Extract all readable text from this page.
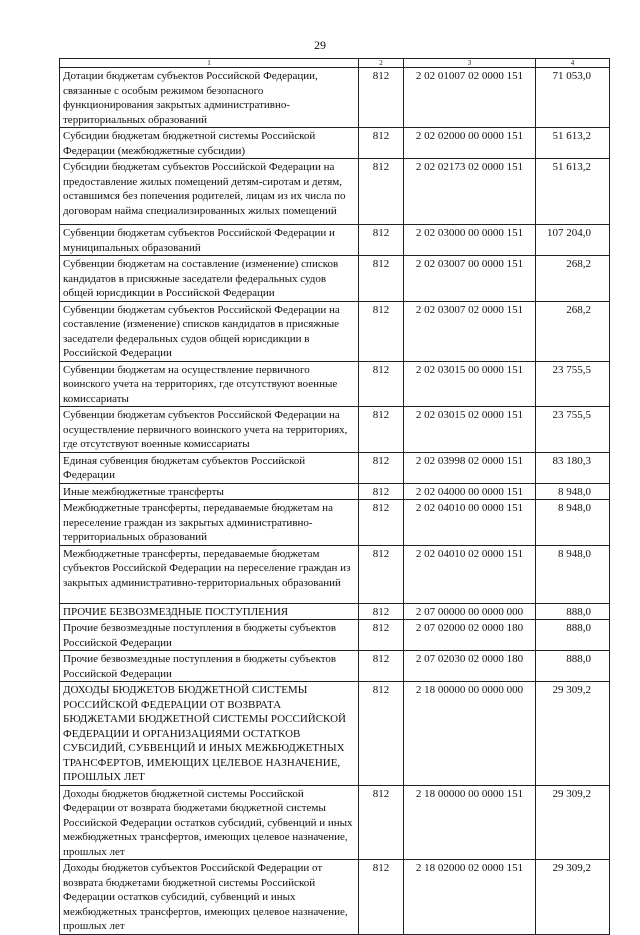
29
1	2	3	4
Дотации бюджетам субъектов Российской Федерации, связанные с особым режимом безопасного функционирования закрытых административно-территориальных образований	812	2 02 01007 02 0000 151	71 053,0
Субсидии бюджетам бюджетной системы Российской Федерации (межбюджетные субсидии)	812	2 02 02000 00 0000 151	51 613,2
Субсидии бюджетам субъектов Российской Федерации на предоставление жилых помещений детям-сиротам и детям, оставшимся без попечения родителей, лицам из их числа по договорам найма специализированных жилых помещений	812	2 02 02173 02 0000 151	51 613,2
Субвенции бюджетам субъектов Российской Федерации и муниципальных образований	812	2 02 03000 00 0000 151	107 204,0
Субвенции бюджетам на составление (изменение) списков кандидатов в присяжные заседатели федеральных судов общей юрисдикции в Российской Федерации	812	2 02 03007 00 0000 151	268,2
Субвенции бюджетам субъектов Российской Федерации на составление (изменение) списков кандидатов в присяжные заседатели федеральных судов общей юрисдикции в Российской Федерации	812	2 02 03007 02 0000 151	268,2
Субвенции бюджетам на осуществление первичного воинского учета на территориях, где отсутствуют военные комиссариаты	812	2 02 03015 00 0000 151	23 755,5
Субвенции бюджетам субъектов Российской Федерации на осуществление первичного воинского учета на территориях, где отсутствуют военные комиссариаты	812	2 02 03015 02 0000 151	23 755,5
Единая субвенция бюджетам субъектов Российской Федерации	812	2 02 03998 02 0000 151	83 180,3
Иные межбюджетные трансферты	812	2 02 04000 00 0000 151	8 948,0
Межбюджетные трансферты, передаваемые бюджетам на переселение граждан из закрытых административно-территориальных образований	812	2 02 04010 00 0000 151	8 948,0
Межбюджетные трансферты, передаваемые бюджетам субъектов Российской Федерации на переселение граждан из закрытых административно-территориальных образований	812	2 02 04010 02 0000 151	8 948,0
ПРОЧИЕ БЕЗВОЗМЕЗДНЫЕ ПОСТУПЛЕНИЯ	812	2 07 00000 00 0000 000	888,0
Прочие безвозмездные поступления в бюджеты субъектов Российской Федерации	812	2 07 02000 02 0000 180	888,0
Прочие безвозмездные поступления в бюджеты субъектов Российской Федерации	812	2 07 02030 02 0000 180	888,0
ДОХОДЫ БЮДЖЕТОВ БЮДЖЕТНОЙ СИСТЕМЫ РОССИЙСКОЙ ФЕДЕРАЦИИ ОТ ВОЗВРАТА БЮДЖЕТАМИ БЮДЖЕТНОЙ СИСТЕМЫ РОССИЙСКОЙ ФЕДЕРАЦИИ И ОРГАНИЗАЦИЯМИ ОСТАТКОВ СУБСИДИЙ, СУБВЕНЦИЙ И ИНЫХ МЕЖБЮДЖЕТНЫХ ТРАНСФЕРТОВ, ИМЕЮЩИХ ЦЕЛЕВОЕ НАЗНАЧЕНИЕ, ПРОШЛЫХ ЛЕТ	812	2 18 00000 00 0000 000	29 309,2
Доходы бюджетов бюджетной системы Российской Федерации от возврата бюджетами бюджетной системы Российской Федерации остатков субсидий, субвенций и иных межбюджетных трансфертов, имеющих целевое назначение, прошлых лет	812	2 18 00000 00 0000 151	29 309,2
Доходы бюджетов субъектов Российской Федерации от возврата бюджетами бюджетной системы Российской Федерации остатков субсидий, субвенций и иных межбюджетных трансфертов, имеющих целевое назначение, прошлых лет	812	2 18 02000 02 0000 151	29 309,2
